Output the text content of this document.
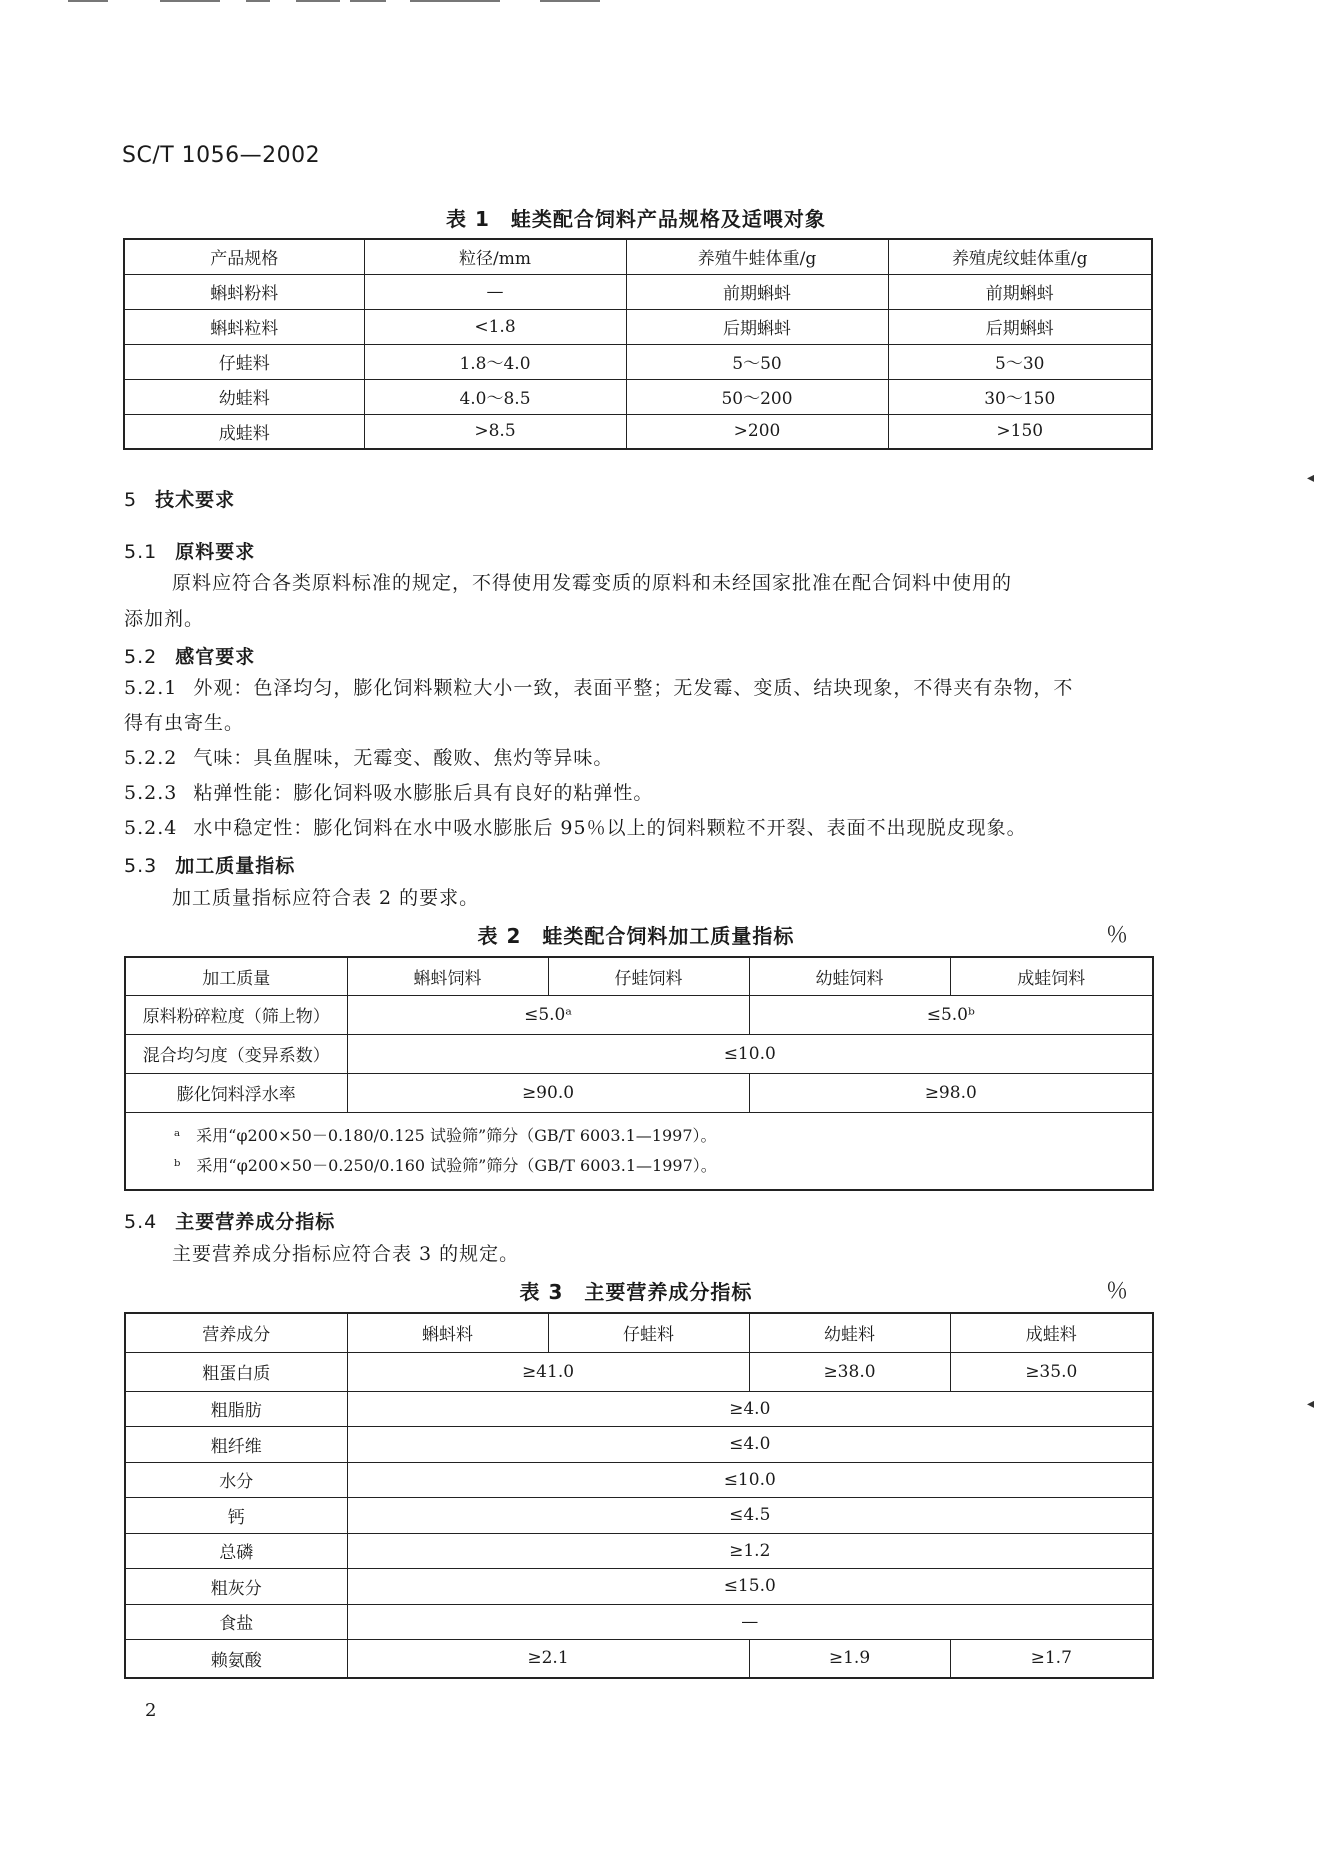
SC/T 1056—2002
表 1　蛙类配合饲料产品规格及适喂对象
产品规格	粒径/mm	养殖牛蛙体重/g	养殖虎纹蛙体重/g
蝌蚪粉料	—	前期蝌蚪	前期蝌蚪
蝌蚪粒料	<1.8	后期蝌蚪	后期蝌蚪
仔蛙料	1.8～4.0	5～50	5～30
幼蛙料	4.0～8.5	50～200	30～150
成蛙料	>8.5	>200	>150
5 技术要求
5.1 原料要求
原料应符合各类原料标准的规定，不得使用发霉变质的原料和未经国家批准在配合饲料中使用的
添加剂。
5.2 感官要求
5.2.1 外观：色泽均匀，膨化饲料颗粒大小一致，表面平整；无发霉、变质、结块现象，不得夹有杂物，不
得有虫寄生。
5.2.2 气味：具鱼腥味，无霉变、酸败、焦灼等异味。
5.2.3 粘弹性能：膨化饲料吸水膨胀后具有良好的粘弹性。
5.2.4 水中稳定性：膨化饲料在水中吸水膨胀后 95％以上的饲料颗粒不开裂、表面不出现脱皮现象。
5.3 加工质量指标
加工质量指标应符合表 2 的要求。
表 2　蛙类配合饲料加工质量指标	％
加工质量	蝌蚪饲料	仔蛙饲料	幼蛙饲料	成蛙饲料
原料粉碎粒度（筛上物）	≤5.0ᵃ		≤5.0ᵇ	
混合均匀度（变异系数）	≤10.0			
膨化饲料浮水率	≥90.0		≥98.0	

ᵃ　采用“φ200×50－0.180/0.125 试验筛”筛分（GB/T 6003.1—1997）。
ᵇ　采用“φ200×50－0.250/0.160 试验筛”筛分（GB/T 6003.1—1997）。				
5.4 主要营养成分指标
主要营养成分指标应符合表 3 的规定。
表 3　主要营养成分指标	％
营养成分	蝌蚪料	仔蛙料	幼蛙料	成蛙料
粗蛋白质	≥41.0		≥38.0	≥35.0
粗脂肪	≥4.0			
粗纤维	≤4.0			
水分	≤10.0			
钙	≤4.5			
总磷	≥1.2			
粗灰分	≤15.0			
食盐	—			
赖氨酸	≥2.1		≥1.9	≥1.7
2
◂
◂
